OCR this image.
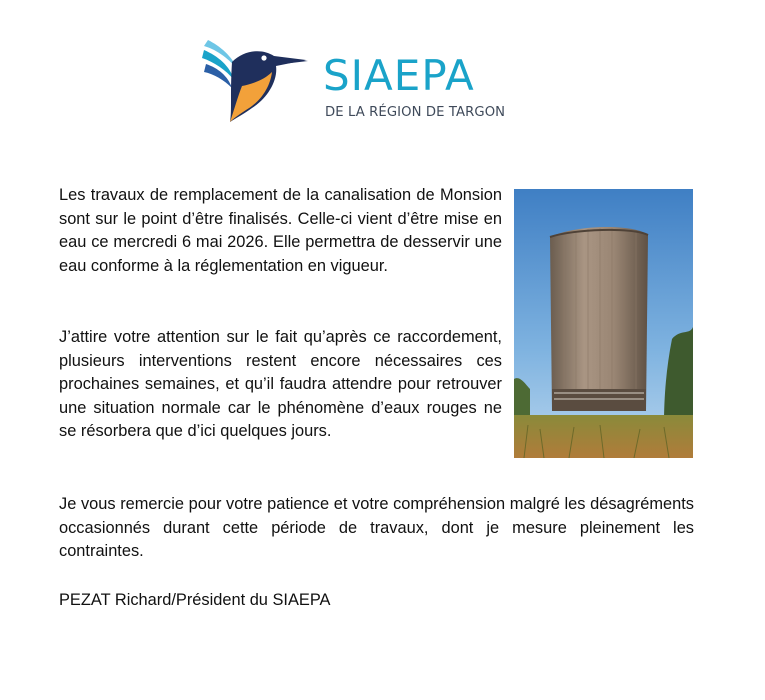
SIAEPA
DE LA RÉGION DE TARGON

Les travaux de remplacement de la canalisation de Monsion sont sur le point d’être finalisés. Celle-ci vient d’être mise en eau ce mercredi 6 mai 2026. Elle permettra de desservir une eau conforme à la réglementation en vigueur.

J’attire votre attention sur le fait qu’après ce raccordement, plusieurs interventions restent encore nécessaires ces prochaines semaines, et qu’il faudra attendre pour retrouver une situation normale car le phénomène d’eaux rouges ne se résorbera que d’ici quelques jours.

Je vous remercie pour votre patience et votre compréhension malgré les désagréments occasionnés durant cette période de travaux, dont je mesure pleinement les contraintes.

PEZAT Richard/Président du SIAEPA
